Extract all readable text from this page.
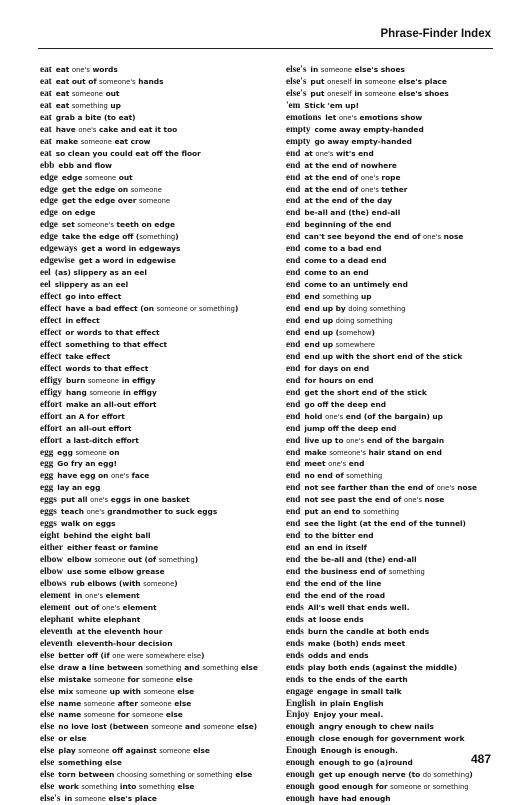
Phrase-Finder Index
eat eat one's words
eat eat out of someone's hands
eat eat someone out
eat eat something up
eat grab a bite (to eat)
eat have one's cake and eat it too
eat make someone eat crow
eat so clean you could eat off the floor
ebb ebb and flow
edge edge someone out
edge get the edge on someone
edge get the edge over someone
edge on edge
edge set someone's teeth on edge
edge take the edge off (something)
edgeways get a word in edgeways
edgewise get a word in edgewise
eel (as) slippery as an eel
eel slippery as an eel
effect go into effect
effect have a bad effect (on someone or something)
effect in effect
effect or words to that effect
effect something to that effect
effect take effect
effect words to that effect
effigy burn someone in effigy
effigy hang someone in effigy
effort make an all-out effort
effort an A for effort
effort an all-out effort
effort a last-ditch effort
egg egg someone on
egg Go fry an egg!
egg have egg on one's face
egg lay an egg
eggs put all one's eggs in one basket
eggs teach one's grandmother to suck eggs
eggs walk on eggs
eight behind the eight ball
either either feast or famine
elbow elbow someone out (of something)
elbow use some elbow grease
elbows rub elbows (with someone)
element in one's element
element out of one's element
elephant white elephant
eleventh at the eleventh hour
eleventh eleventh-hour decision
else better off (if one were somewhere else)
else draw a line between something and something else
else mistake someone for someone else
else mix someone up with someone else
else name someone after someone else
else name someone for someone else
else no love lost (between someone and someone else)
else or else
else play someone off against someone else
else something else
else torn between choosing something or something else
else work something into something else
else's in someone else's place
else's in someone else's shoes
else's put oneself in someone else's place
else's put oneself in someone else's shoes
'em Stick 'em up!
emotions let one's emotions show
empty come away empty-handed
empty go away empty-handed
end at one's wit's end
end at the end of nowhere
end at the end of one's rope
end at the end of one's tether
end at the end of the day
end be-all and (the) end-all
end beginning of the end
end can't see beyond the end of one's nose
end come to a bad end
end come to a dead end
end come to an end
end come to an untimely end
end end something up
end end up by doing something
end end up doing something
end end up (somehow)
end end up somewhere
end end up with the short end of the stick
end for days on end
end for hours on end
end get the short end of the stick
end go off the deep end
end hold one's end (of the bargain) up
end jump off the deep end
end live up to one's end of the bargain
end make someone's hair stand on end
end meet one's end
end no end of something
end not see farther than the end of one's nose
end not see past the end of one's nose
end put an end to something
end see the light (at the end of the tunnel)
end to the bitter end
end an end in itself
end the be-all and (the) end-all
end the business end of something
end the end of the line
end the end of the road
ends All's well that ends well.
ends at loose ends
ends burn the candle at both ends
ends make (both) ends meet
ends odds and ends
ends play both ends (against the middle)
ends to the ends of the earth
engage engage in small talk
English in plain English
Enjoy Enjoy your meal.
enough angry enough to chew nails
enough close enough for government work
Enough Enough is enough.
enough enough to go (a)round
enough get up enough nerve (to do something)
enough good enough for someone or something
enough have had enough
487
